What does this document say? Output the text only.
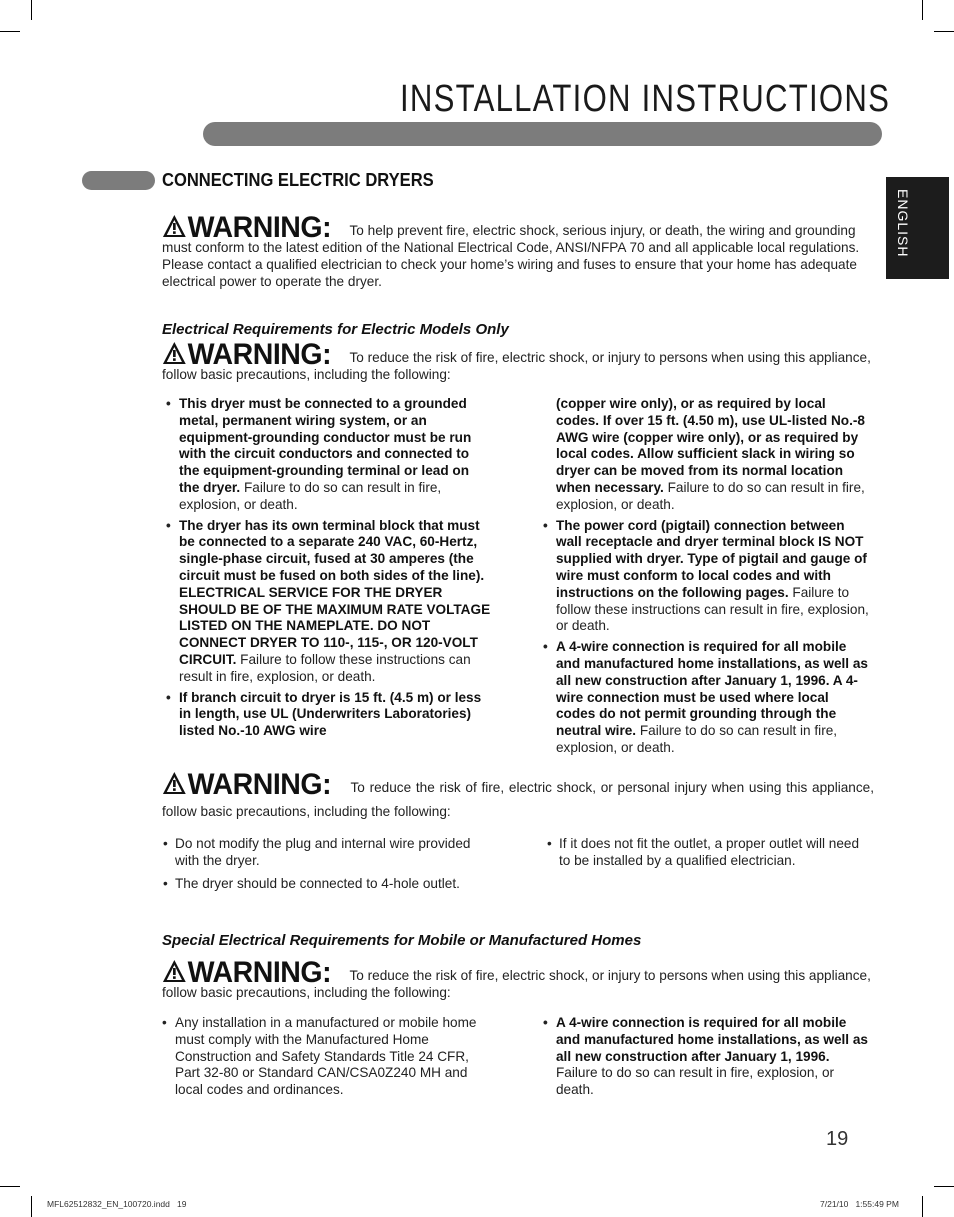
INSTALLATION INSTRUCTIONS
CONNECTING ELECTRIC DRYERS
ENGLISH
WARNING: To help prevent fire, electric shock, serious injury, or death, the wiring and grounding must conform to the latest edition of the National Electrical Code, ANSI/NFPA 70 and all applicable local regulations. Please contact a qualified electrician to check your home’s wiring and fuses to ensure that your home has adequate electrical power to operate the dryer.
Electrical Requirements for Electric Models Only
WARNING: To reduce the risk of fire, electric shock, or injury to persons when using this appliance, follow basic precautions, including the following:
• This dryer must be connected to a grounded metal, permanent wiring system, or an equipment-grounding conductor must be run with the circuit conductors and connected to the equipment-grounding terminal or lead on the dryer. Failure to do so can result in fire, explosion, or death.
• The dryer has its own terminal block that must be connected to a separate 240 VAC, 60-Hertz, single-phase circuit, fused at 30 amperes (the circuit must be fused on both sides of the line). ELECTRICAL SERVICE FOR THE DRYER SHOULD BE OF THE MAXIMUM RATE VOLTAGE LISTED ON THE NAMEPLATE. DO NOT CONNECT DRYER TO 110-, 115-, OR 120-VOLT CIRCUIT. Failure to follow these instructions can result in fire, explosion, or death.
• If branch circuit to dryer is 15 ft. (4.5 m) or less in length, use UL (Underwriters Laboratories) listed No.-10 AWG wire
(copper wire only), or as required by local codes. If over 15 ft. (4.50 m), use UL-listed No.-8 AWG wire (copper wire only), or as required by local codes. Allow sufficient slack in wiring so dryer can be moved from its normal location when necessary. Failure to do so can result in fire, explosion, or death.
• The power cord (pigtail) connection between wall receptacle and dryer terminal block IS NOT supplied with dryer. Type of pigtail and gauge of wire must conform to local codes and with instructions on the following pages. Failure to follow these instructions can result in fire, explosion, or death.
• A 4-wire connection is required for all mobile and manufactured home installations, as well as all new construction after January 1, 1996. A 4-wire connection must be used where local codes do not permit grounding through the neutral wire. Failure to do so can result in fire, explosion, or death.
WARNING: To reduce the risk of fire, electric shock, or personal injury when using this appliance, follow basic precautions, including the following:
• Do not modify the plug and internal wire provided with the dryer.
• The dryer should be connected to 4-hole outlet.
• If it does not fit the outlet, a proper outlet will need to be installed by a qualified electrician.
Special Electrical Requirements for Mobile or Manufactured Homes
WARNING: To reduce the risk of fire, electric shock, or injury to persons when using this appliance, follow basic precautions, including the following:
• Any installation in a manufactured or mobile home must comply with the Manufactured Home Construction and Safety Standards Title 24 CFR, Part 32-80 or Standard CAN/CSA0Z240 MH and local codes and ordinances.
• A 4-wire connection is required for all mobile and manufactured home installations, as well as all new construction after January 1, 1996. Failure to do so can result in fire, explosion, or death.
19
MFL62512832_EN_100720.indd   19	7/21/10   1:55:49 PM
